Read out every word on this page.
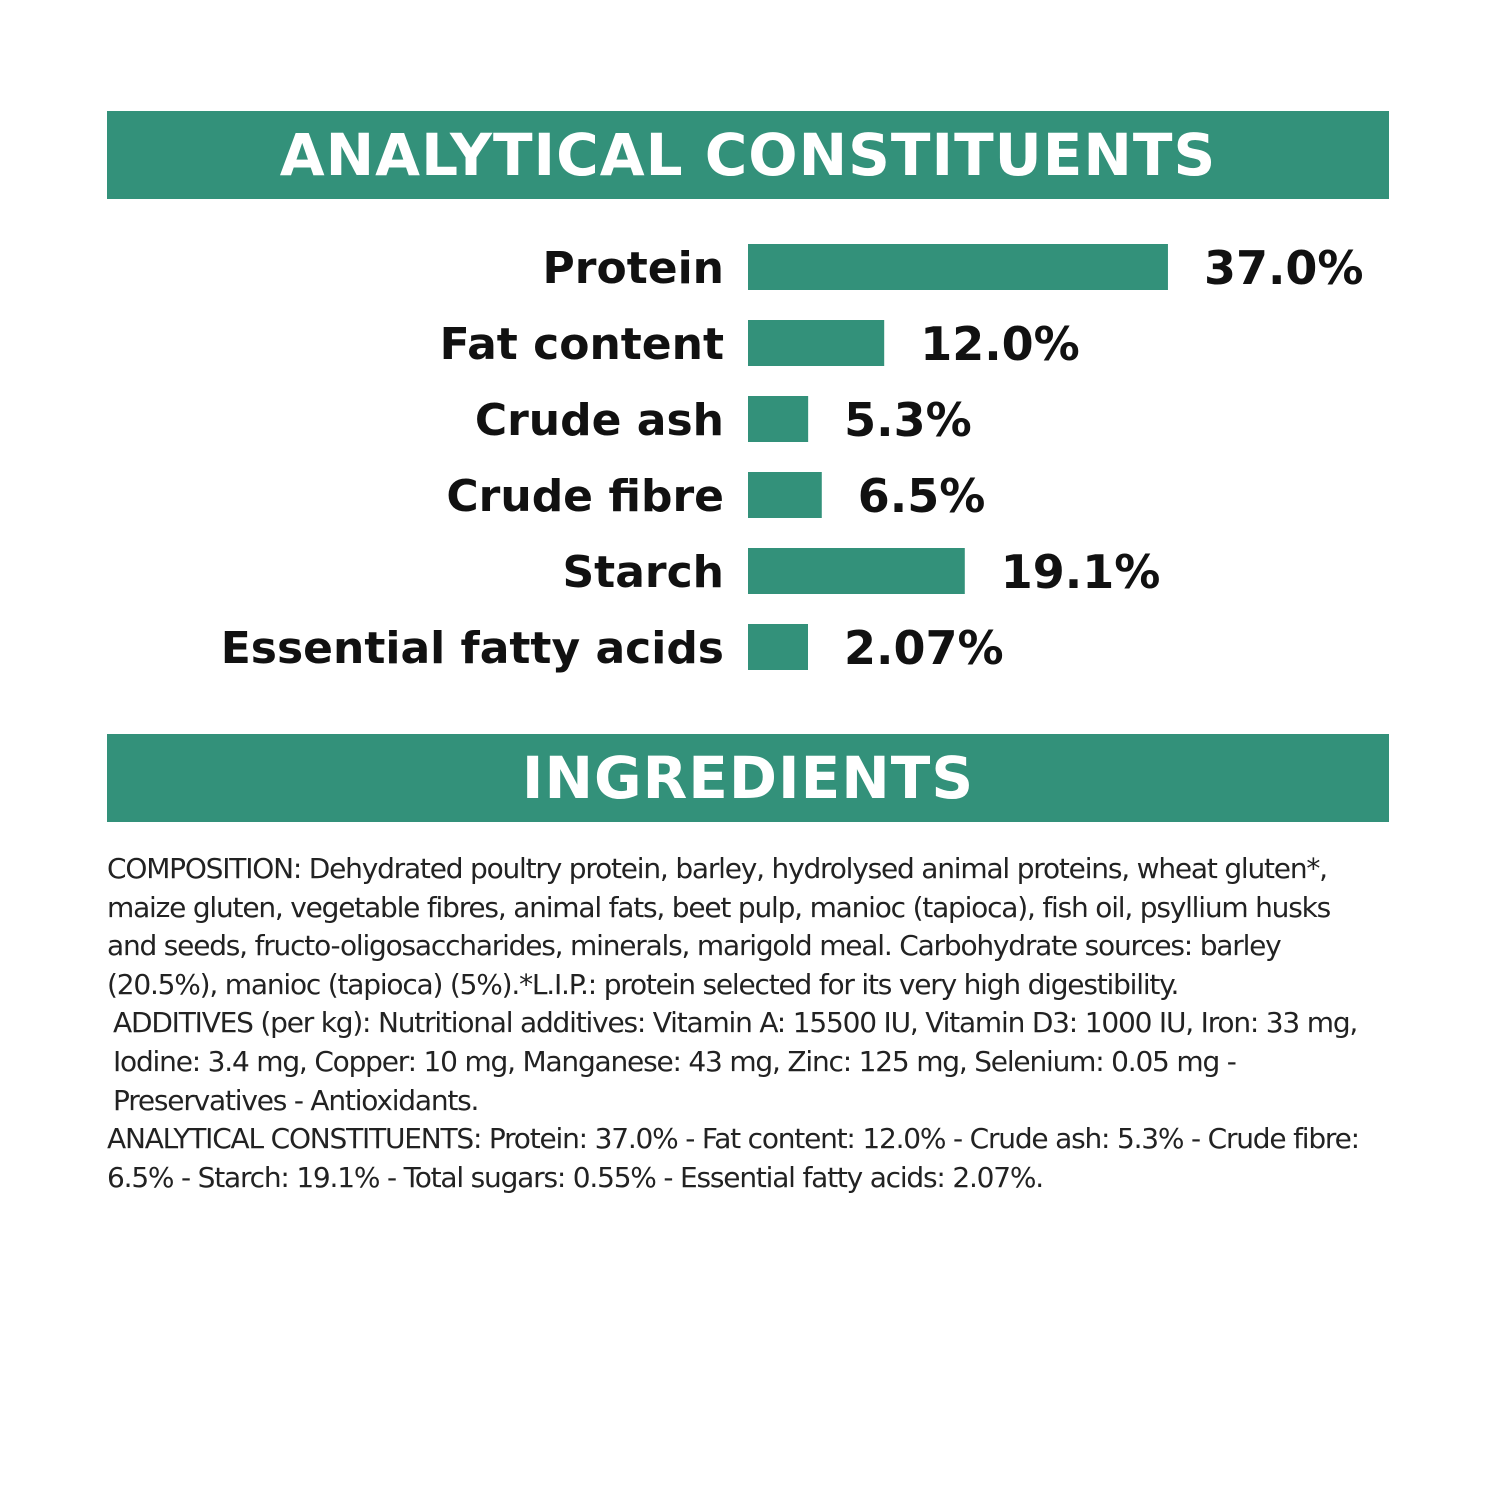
ANALYTICAL CONSTITUENTS
Protein	37.0%
Fat content	12.0%
Crude ash	5.3%
Crude fibre	6.5%
Starch	19.1%
Essential fatty acids	2.07%
INGREDIENTS

COMPOSITION: Dehydrated poultry protein, barley, hydrolysed animal proteins, wheat gluten*, maize gluten, vegetable fibres, animal fats, beet pulp, manioc (tapioca), fish oil, psyllium husks and seeds, fructo-oligosaccharides, minerals, marigold meal. Carbohydrate sources: barley (20.5%), manioc (tapioca) (5%).*L.I.P.: protein selected for its very high digestibility.

ADDITIVES (per kg): Nutritional additives: Vitamin A: 15500 IU, Vitamin D3: 1000 IU, Iron: 33 mg, Iodine: 3.4 mg, Copper: 10 mg, Manganese: 43 mg, Zinc: 125 mg, Selenium: 0.05 mg - Preservatives - Antioxidants.

ANALYTICAL CONSTITUENTS: Protein: 37.0% - Fat content: 12.0% - Crude ash: 5.3% - Crude fibre: 6.5% - Starch: 19.1% - Total sugars: 0.55% - Essential fatty acids: 2.07%.
